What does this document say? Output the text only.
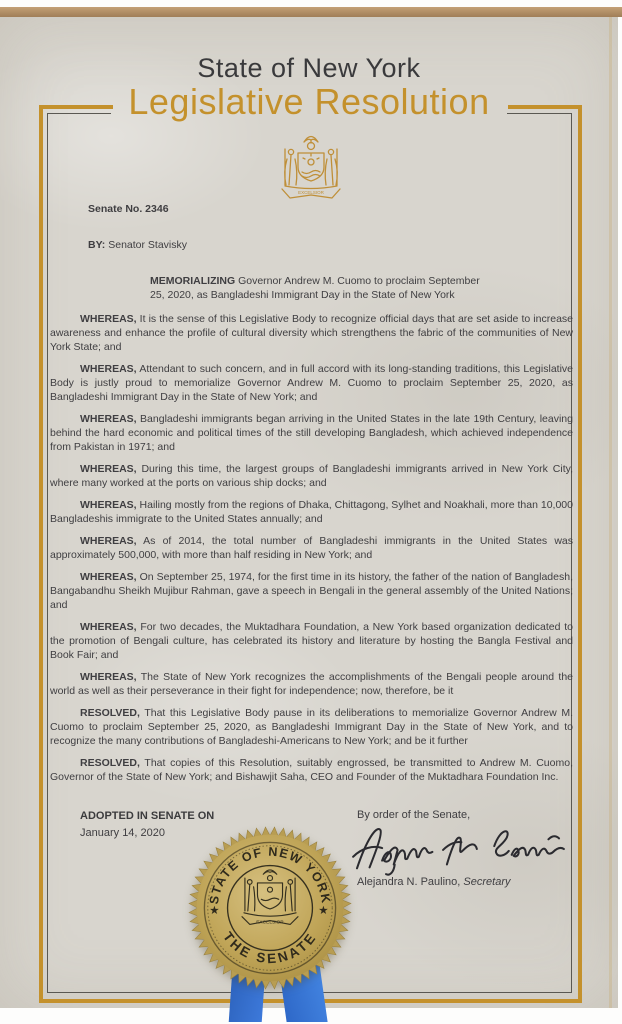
State of New York
Legislative Resolution
EXCELSIOR

Senate No. 2346

BY: Senator Stavisky

MEMORIALIZING Governor Andrew M. Cuomo to proclaim September 25, 2020, as Bangladeshi Immigrant Day in the State of New York

WHEREAS, It is the sense of this Legislative Body to recognize official days that are set aside to increase awareness and enhance the profile of cultural diversity which strengthens the fabric of the communities of New York State; and

WHEREAS, Attendant to such concern, and in full accord with its long-standing traditions, this Legislative Body is justly proud to memorialize Governor Andrew M. Cuomo to proclaim September 25, 2020, as Bangladeshi Immigrant Day in the State of New York; and

WHEREAS, Bangladeshi immigrants began arriving in the United States in the late 19th Century, leaving behind the hard economic and political times of the still developing Bangladesh, which achieved independence from Pakistan in 1971; and

WHEREAS, During this time, the largest groups of Bangladeshi immigrants arrived in New York City, where many worked at the ports on various ship docks; and

WHEREAS, Hailing mostly from the regions of Dhaka, Chittagong, Sylhet and Noakhali, more than 10,000 Bangladeshis immigrate to the United States annually; and

WHEREAS, As of 2014, the total number of Bangladeshi immigrants in the United States was approximately 500,000, with more than half residing in New York; and

WHEREAS, On September 25, 1974, for the first time in its history, the father of the nation of Bangladesh, Bangabandhu Sheikh Mujibur Rahman, gave a speech in Bengali in the general assembly of the United Nations; and

WHEREAS, For two decades, the Muktadhara Foundation, a New York based organization dedicated to the promotion of Bengali culture, has celebrated its history and literature by hosting the Bangla Festival and Book Fair; and

WHEREAS, The State of New York recognizes the accomplishments of the Bengali people around the world as well as their perseverance in their fight for independence; now, therefore, be it

RESOLVED, That this Legislative Body pause in its deliberations to memorialize Governor Andrew M. Cuomo to proclaim September 25, 2020, as Bangladeshi Immigrant Day in the State of New York, and to recognize the many contributions of Bangladeshi-Americans to New York; and be it further

RESOLVED, That copies of this Resolution, suitably engrossed, be transmitted to Andrew M. Cuomo, Governor of the State of New York; and Bishawjit Saha, CEO and Founder of the Muktadhara Foundation Inc.

ADOPTED IN SENATE ON
January 14, 2020
By order of the Senate,
Alejandra N. Paulino, Secretary
STATE OF NEW YORK
THE SENATE
★	★
EXCELSIOR
